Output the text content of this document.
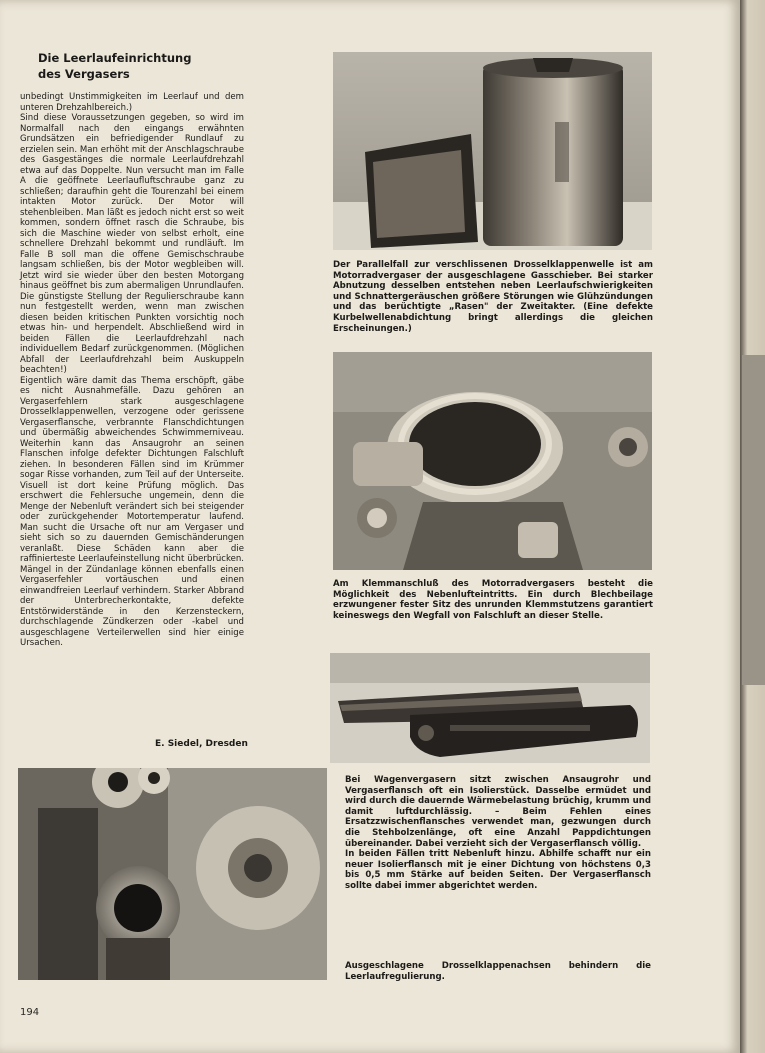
Die Leerlaufeinrichtung
des Vergasers

unbedingt Unstimmigkeiten im Leerlauf und dem unteren Drehzahlbereich.)

Sind diese Voraussetzungen gegeben, so wird im Normalfall nach den eingangs erwähnten Grundsätzen ein befriedigender Rundlauf zu erzielen sein. Man erhöht mit der Anschlagschraube des Gasgestänges die normale Leerlaufdrehzahl etwa auf das Doppelte. Nun versucht man im Falle A die geöffnete Leerlaufluftschraube ganz zu schließen; daraufhin geht die Tourenzahl bei einem intakten Motor zurück. Der Motor will stehenbleiben. Man läßt es jedoch nicht erst so weit kommen, sondern öffnet rasch die Schraube, bis sich die Maschine wieder von selbst erholt, eine schnellere Drehzahl bekommt und rundläuft. Im Falle B soll man die offene Gemischschraube langsam schließen, bis der Motor wegbleiben will. Jetzt wird sie wieder über den besten Motorgang hinaus geöffnet bis zum abermaligen Unrundlaufen. Die günstigste Stellung der Regulierschraube kann nun festgestellt werden, wenn man zwischen diesen beiden kritischen Punkten vorsichtig noch etwas hin- und herpendelt. Abschließend wird in beiden Fällen die Leerlaufdrehzahl nach individuellem Bedarf zurückgenommen. (Möglichen Abfall der Leerlaufdrehzahl beim Auskuppeln beachten!)

Eigentlich wäre damit das Thema erschöpft, gäbe es nicht Ausnahmefälle. Dazu gehören an Vergaserfehlern stark ausgeschlagene Drosselklappenwellen, verzogene oder gerissene Vergaserflansche, verbrannte Flanschdichtungen und übermäßig abweichendes Schwimmerniveau. Weiterhin kann das Ansaugrohr an seinen Flanschen infolge defekter Dichtungen Falschluft ziehen. In besonderen Fällen sind im Krümmer sogar Risse vorhanden, zum Teil auf der Unterseite. Visuell ist dort keine Prüfung möglich. Das erschwert die Fehlersuche ungemein, denn die Menge der Nebenluft verändert sich bei steigender oder zurückgehender Motortemperatur laufend. Man sucht die Ursache oft nur am Vergaser und sieht sich so zu dauernden Gemischänderungen veranlaßt. Diese Schäden kann aber die raffinierteste Leerlaufeinstellung nicht überbrücken. Mängel in der Zündanlage können ebenfalls einen Vergaserfehler vortäuschen und einen einwandfreien Leerlauf verhindern. Starker Abbrand der Unterbrecherkontakte, defekte Entstörwiderstände in den Kerzensteckern, durchschlagende Zündkerzen oder -kabel und ausgeschlagene Verteilerwellen sind hier einige Ursachen.

E. Siedel, Dresden

Der Parallelfall zur verschlissenen Drosselklappenwelle ist am Motorradvergaser der ausgeschlagene Gasschieber. Bei starker Abnutzung desselben entstehen neben Leerlaufschwierigkeiten und Schnattergeräuschen größere Störungen wie Glühzündungen und das berüchtigte „Rasen" der Zweitakter. (Eine defekte Kurbelwellenabdichtung bringt allerdings die gleichen Erscheinungen.)

Am Klemmanschluß des Motorradvergasers besteht die Möglichkeit des Nebenlufteintritts. Ein durch Blechbeilage erzwungener fester Sitz des unrunden Klemmstutzens garantiert keineswegs den Wegfall von Falschluft an dieser Stelle.

Bei Wagenvergasern sitzt zwischen Ansaugrohr und Vergaserflansch oft ein Isolierstück. Dasselbe ermüdet und wird durch die dauernde Wärmebelastung brüchig, krumm und damit luftdurchlässig. – Beim Fehlen eines Ersatzzwischenflansches verwendet man, gezwungen durch die Stehbolzenlänge, oft eine Anzahl Pappdichtungen übereinander. Dabei verzieht sich der Vergaserflansch völlig.

In beiden Fällen tritt Nebenluft hinzu. Abhilfe schafft nur ein neuer Isolierflansch mit je einer Dichtung von höchstens 0,3 bis 0,5 mm Stärke auf beiden Seiten. Der Vergaserflansch sollte dabei immer abgerichtet werden.

Ausgeschlagene Drosselklappenachsen behindern die Leerlaufregulierung.

194
